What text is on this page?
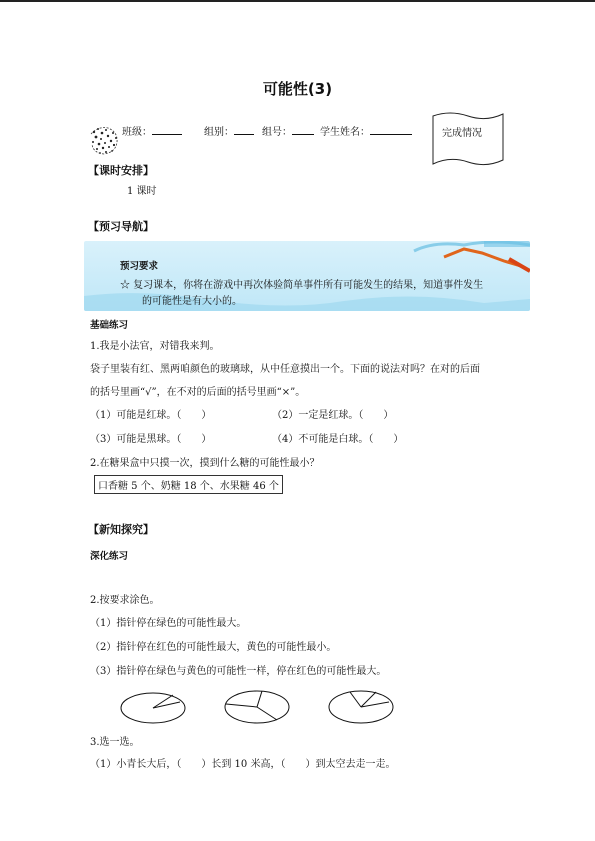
可能性(3)
班级：	组别：	组号：	学生姓名：	完成情况
【课时安排】
1 课时
【预习导航】
预习要求
☆ 复习课本，你将在游戏中再次体验简单事件所有可能发生的结果，知道事件发生
的可能性是有大小的。
基础练习
1.我是小法官，对错我来判。
袋子里装有红、黑两咱颜色的玻璃球，从中任意摸出一个。下面的说法对吗？在对的后面
的括号里画“√”，在不对的后面的括号里画“×”。
（1）可能是红球。（　　）	（2）一定是红球。（　　）
（3）可能是黑球。（　　）	（4）不可能是白球。（　　）
2.在糖果盒中只摸一次，摸到什么糖的可能性最小？
口香糖 5 个、奶糖 18 个、水果糖 46 个
【新知探究】
深化练习
2.按要求涂色。
（1）指针停在绿色的可能性最大。
（2）指针停在红色的可能性最大，黄色的可能性最小。
（3）指针停在绿色与黄色的可能性一样，停在红色的可能性最大。
3.选一选。
（1）小青长大后，（　　）长到 10 米高，（　　）到太空去走一走。
